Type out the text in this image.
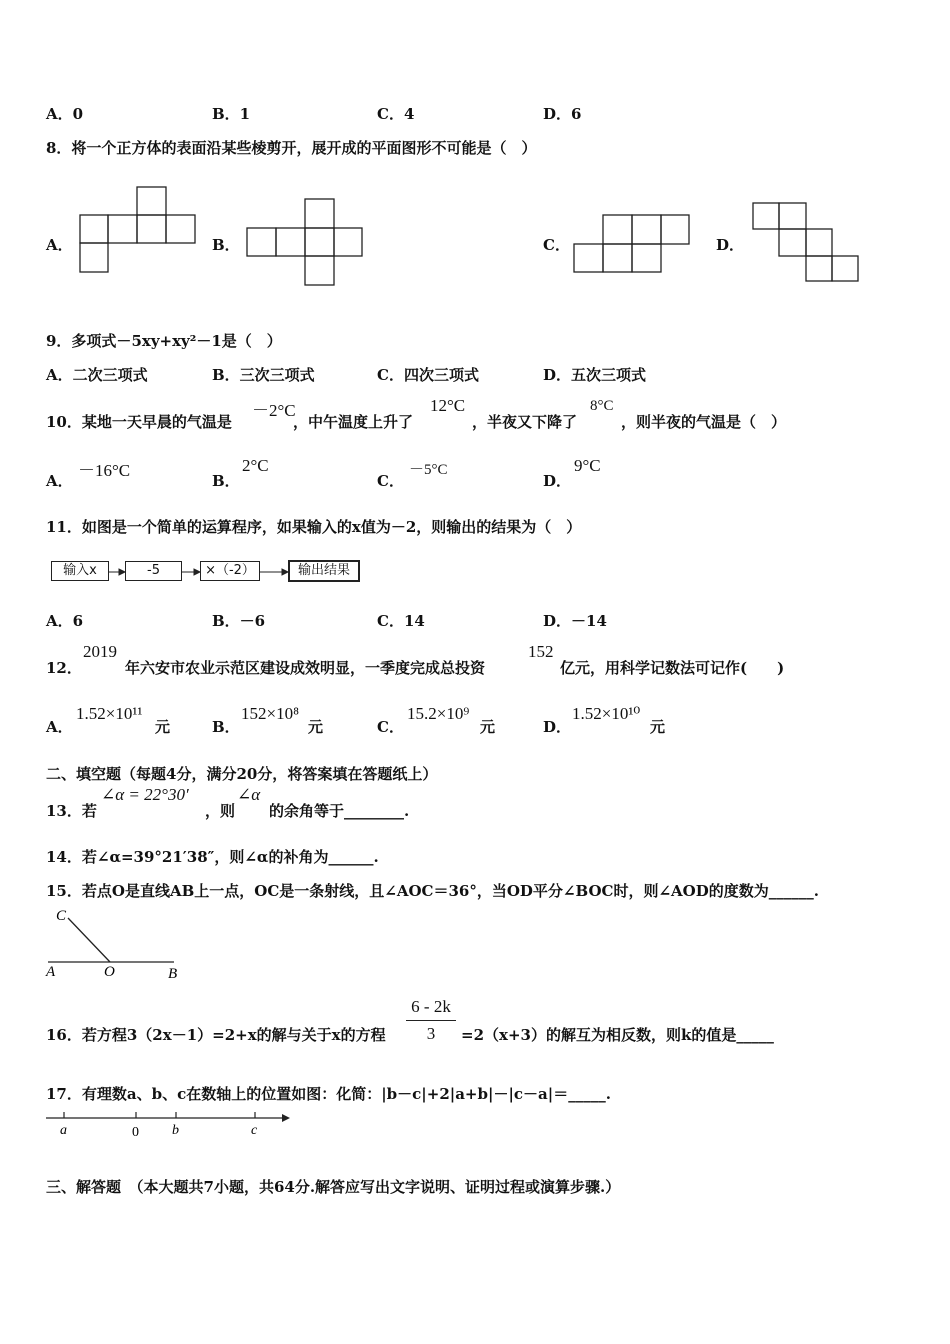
A．0	B．1	C．4	D．6
8．将一个正方体的表面沿某些棱剪开，展开成的平面图形不可能是（　）
A．	B．	C．	D．
9．多项式－5xy+xy²－1是（　）
A．二次三项式	B．三次三项式	C．四次三项式	D．五次三项式
10．某地一天早晨的气温是
－2°C
，中午温度上升了
12°C
，半夜又下降了
8°C
，则半夜的气温是（　）
A．
－16°C
B．
2°C
C．
－5°C
D．
9°C
11．如图是一个简单的运算程序，如果输入的x值为－2，则输出的结果为（　）
输入x	-5	×（-2）	输出结果
A．6	B．－6	C．14	D．－14
12．
2019
年六安市农业示范区建设成效明显，一季度完成总投资
152
亿元，用科学记数法可记作(　　)
A．
1.52×10¹¹
元	B．
152×10⁸
元	C．
15.2×10⁹
元	D．
1.52×10¹⁰
元
二、填空题（每题4分，满分20分，将答案填在答题纸上）
13．若
∠α = 22°30′
，则
∠α
的余角等于________.
14．若∠α=39°21′38″，则∠α的补角为______.
15．若点O是直线AB上一点，OC是一条射线，且∠AOC＝36°，当OD平分∠BOC时，则∠AOD的度数为______.
C
A	O	B
16．若方程3（2x－1）=2+x的解与关于x的方程
6 - 2k
3	=2（x+3）的解互为相反数，则k的值是_____
17．有理数a、b、c在数轴上的位置如图：化简：|b－c|+2|a+b|－|c－a|＝_____.
a	0 b	c
三、解答题　（本大题共7小题，共64分.解答应写出文字说明、证明过程或演算步骤.）
